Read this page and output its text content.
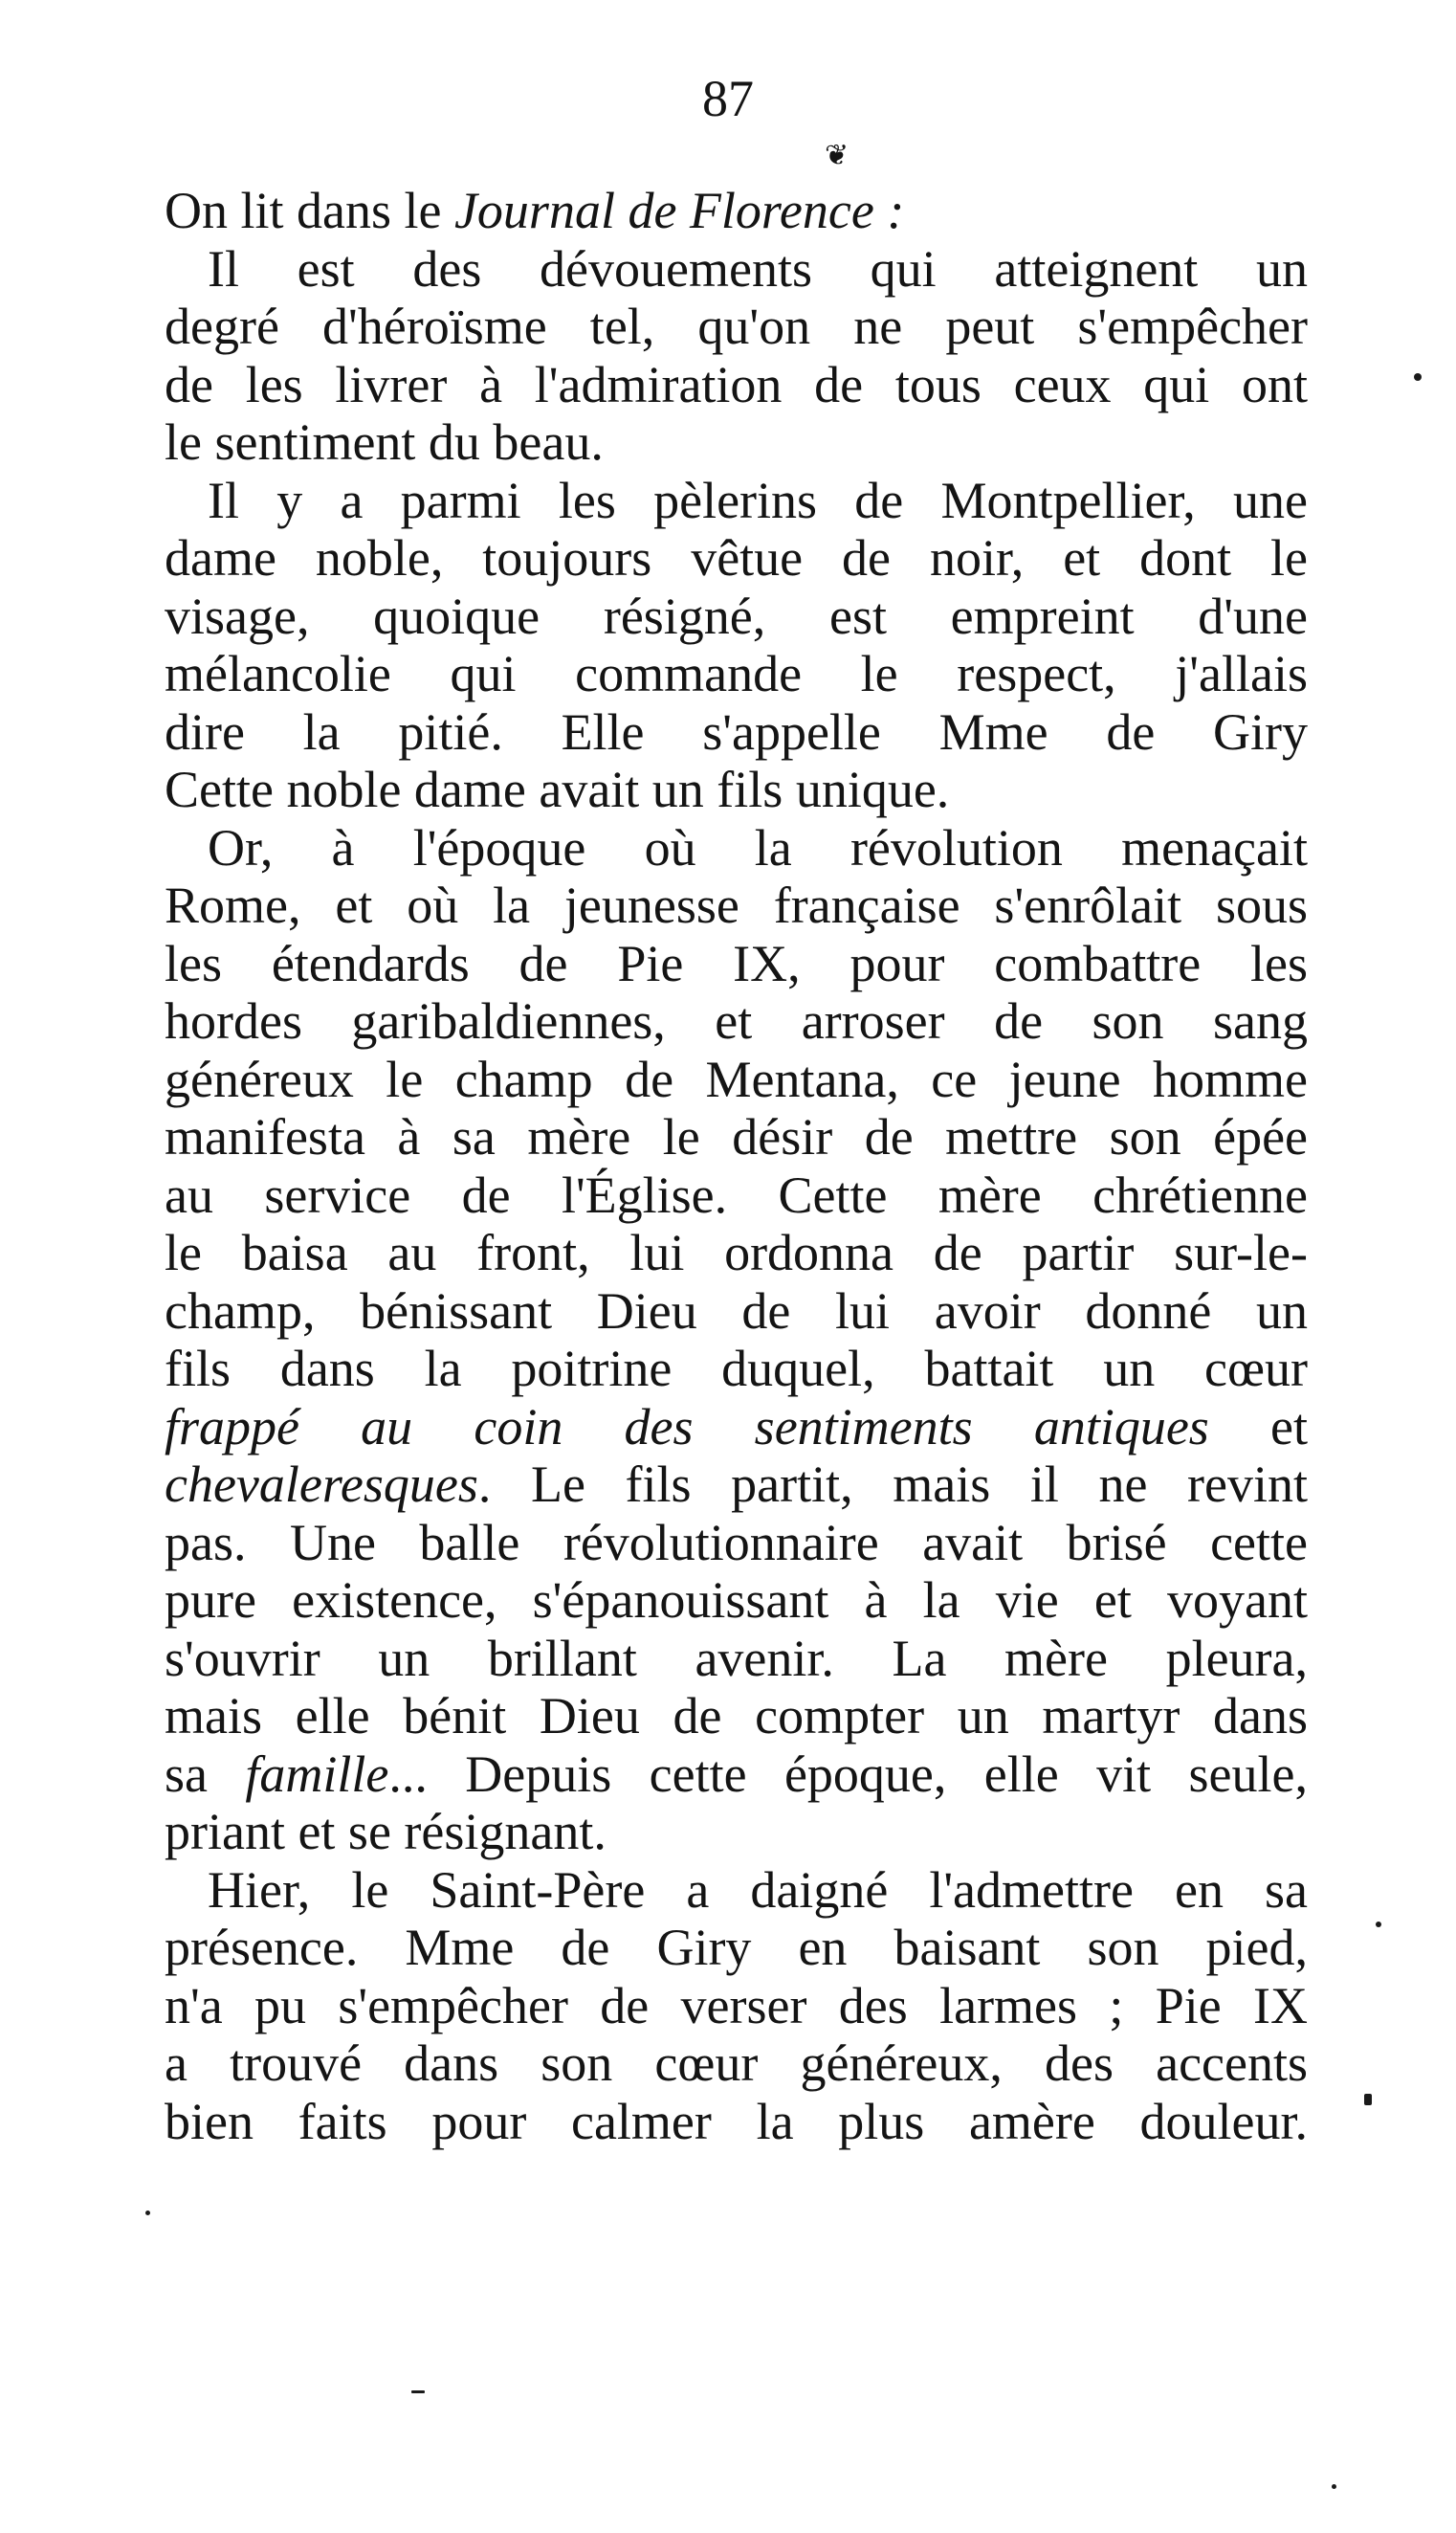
87
❦
On lit dans le Journal de Florence :
Il est des dévouements qui atteignent un
degré d'héroïsme tel, qu'on ne peut s'empêcher
de les livrer à l'admiration de tous ceux qui ont
le sentiment du beau.
Il y a parmi les pèlerins de Montpellier, une
dame noble, toujours vêtue de noir, et dont le
visage, quoique résigné, est empreint d'une
mélancolie qui commande le respect, j'allais
dire la pitié. Elle s'appelle Mme de Giry
Cette noble dame avait un fils unique.
Or, à l'époque où la révolution menaçait
Rome, et où la jeunesse française s'enrôlait sous
les étendards de Pie IX, pour combattre les
hordes garibaldiennes, et arroser de son sang
généreux le champ de Mentana, ce jeune homme
manifesta à sa mère le désir de mettre son épée
au service de l'Église. Cette mère chrétienne
le baisa au front, lui ordonna de partir sur-le-
champ, bénissant Dieu de lui avoir donné un
fils dans la poitrine duquel, battait un cœur
frappé au coin des sentiments antiques et
chevaleresques. Le fils partit, mais il ne revint
pas. Une balle révolutionnaire avait brisé cette
pure existence, s'épanouissant à la vie et voyant
s'ouvrir un brillant avenir. La mère pleura,
mais elle bénit Dieu de compter un martyr dans
sa famille... Depuis cette époque, elle vit seule,
priant et se résignant.
Hier, le Saint-Père a daigné l'admettre en sa
présence. Mme de Giry en baisant son pied,
n'a pu s'empêcher de verser des larmes ; Pie IX
a trouvé dans son cœur généreux, des accents
bien faits pour calmer la plus amère douleur.
